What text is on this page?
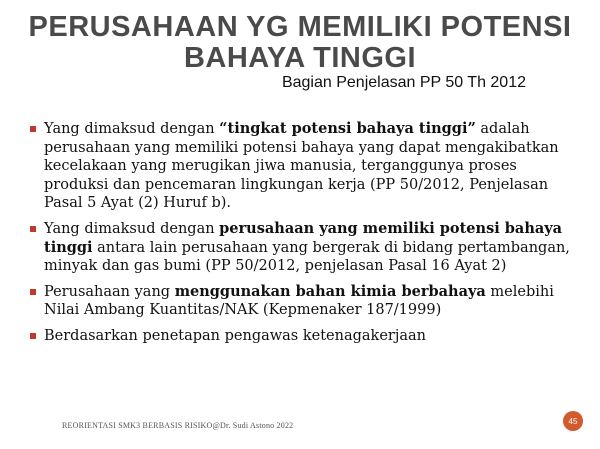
PERUSAHAAN YG MEMILIKI POTENSI
BAHAYA TINGGI
Bagian Penjelasan PP 50 Th 2012
Yang dimaksud dengan “tingkat potensi bahaya tinggi” adalah perusahaan yang memiliki potensi bahaya yang dapat mengakibatkan kecelakaan yang merugikan jiwa manusia, terganggunya proses produksi dan pencemaran lingkungan kerja (PP 50/2012, Penjelasan Pasal 5 Ayat (2) Huruf b).
Yang dimaksud dengan perusahaan yang memiliki potensi bahaya tinggi antara lain perusahaan yang bergerak di bidang pertambangan, minyak dan gas bumi (PP 50/2012, penjelasan Pasal 16 Ayat 2)
Perusahaan yang menggunakan bahan kimia berbahaya melebihi Nilai Ambang Kuantitas/NAK (Kepmenaker 187/1999)
Berdasarkan penetapan pengawas ketenagakerjaan
REORIENTASI SMK3 BERBASIS RISIKO@Dr. Sudi Astono 2022	45
